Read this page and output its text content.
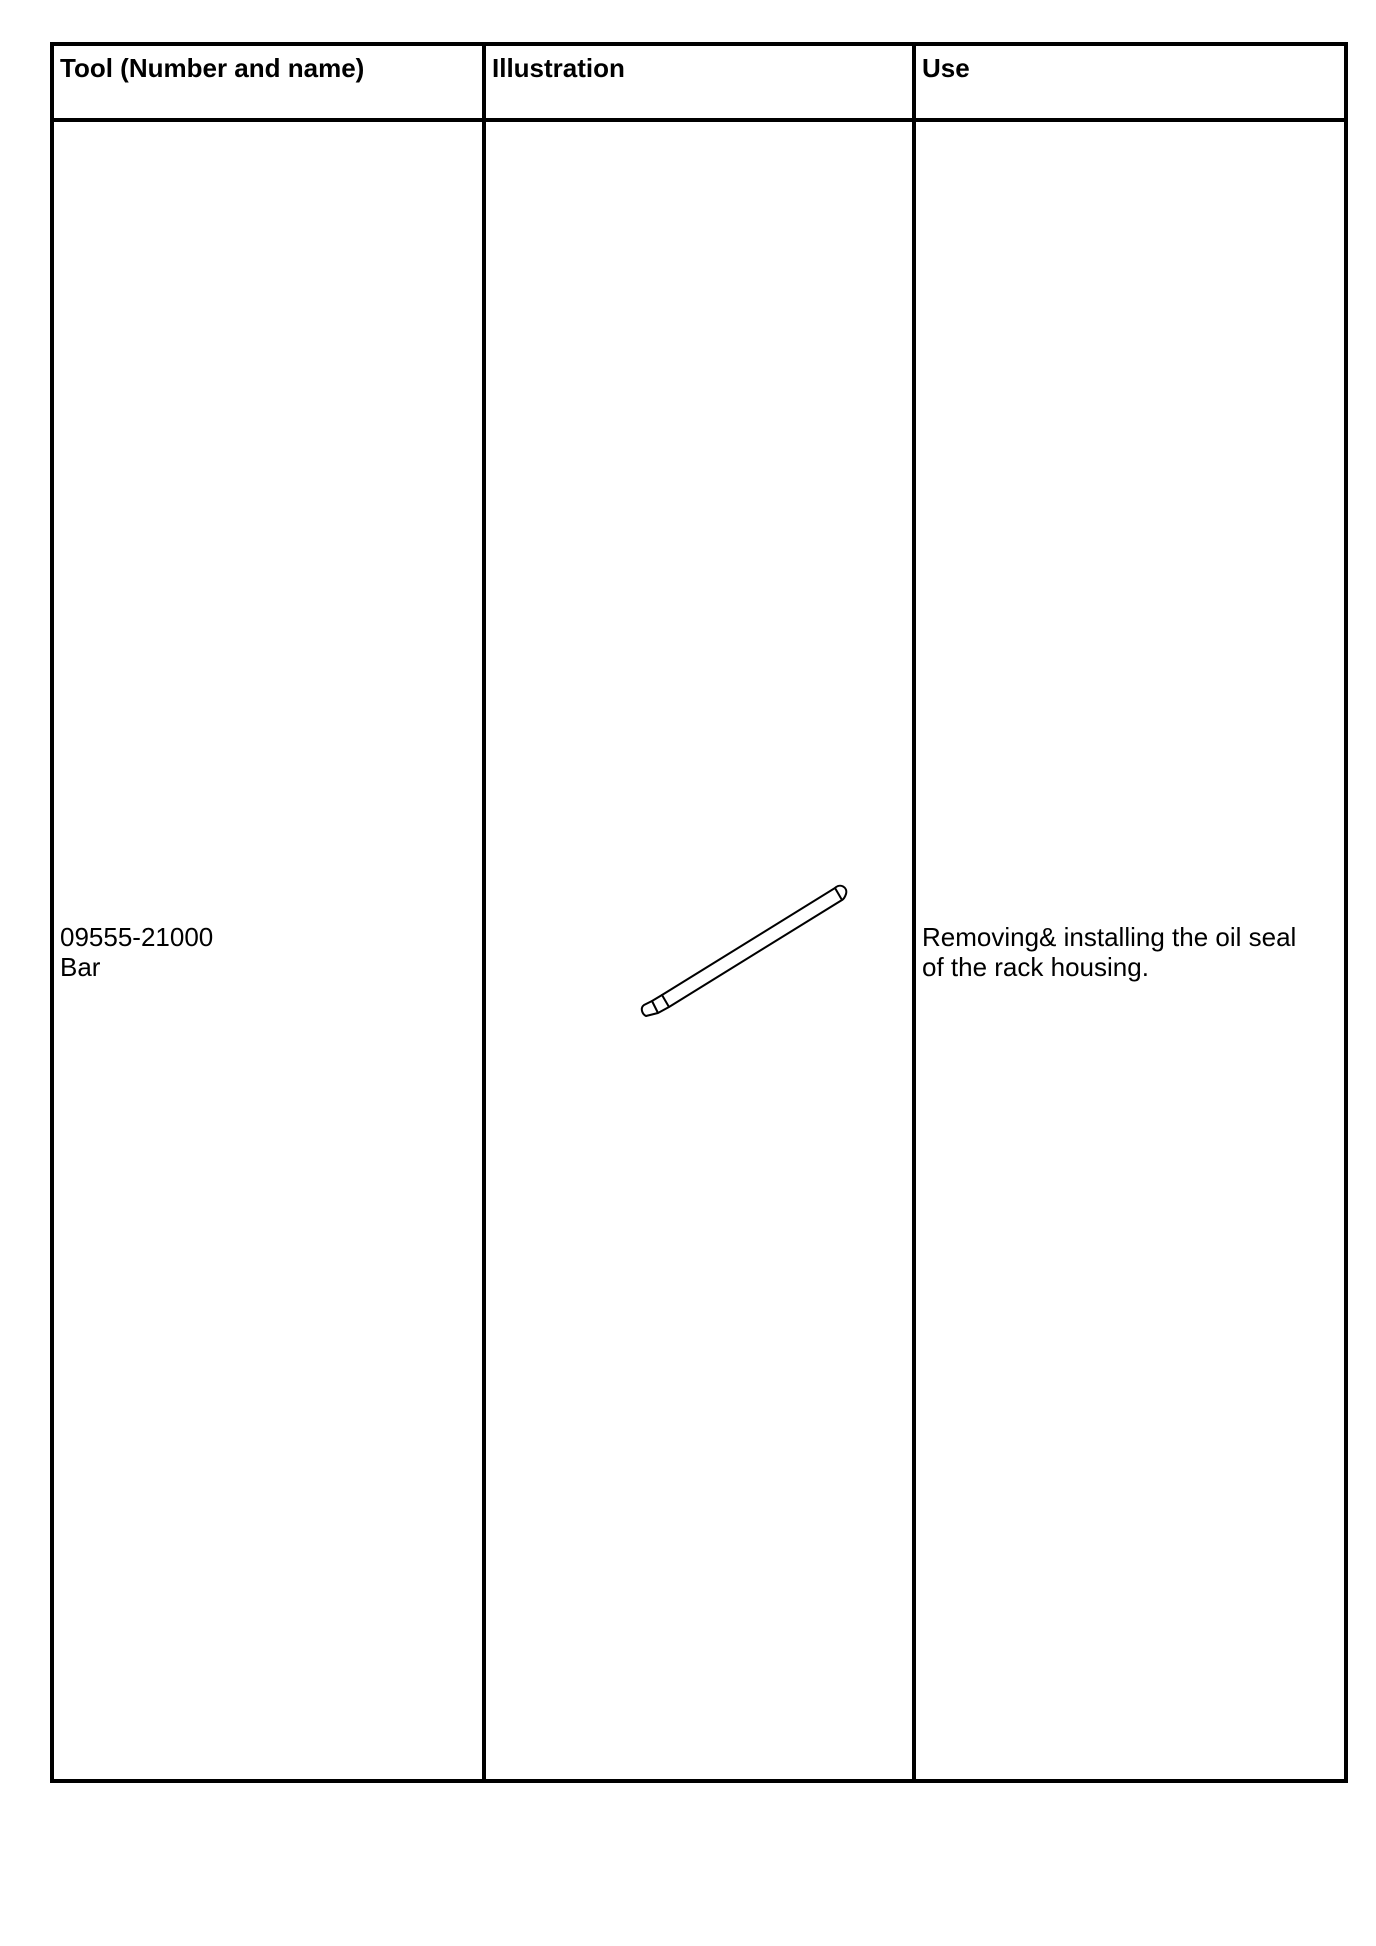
Tool (Number and name)	Illustration	Use
09555-21000
Bar
Removing& installing the oil seal
of the rack housing.
